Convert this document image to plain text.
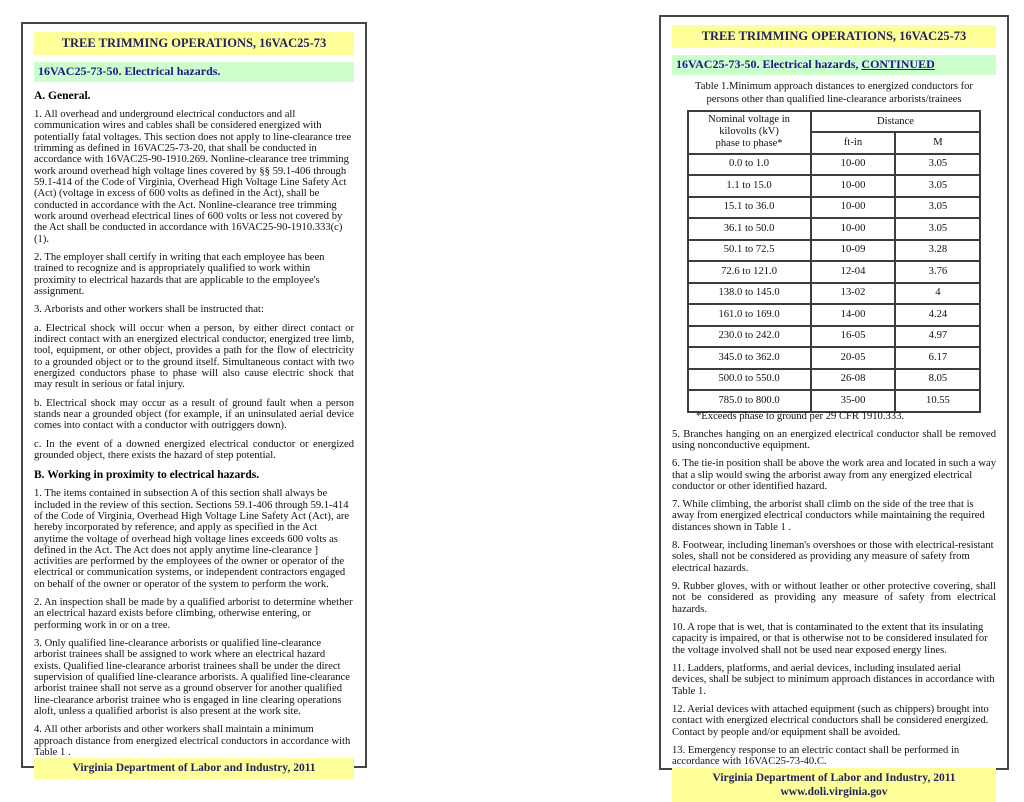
TREE TRIMMING OPERATIONS, 16VAC25-73
16VAC25-73-50. Electrical hazards.
A. General.

1. All overhead and underground electrical conductors and all communication wires and cables shall be considered energized with potentially fatal voltages. This section does not apply to line-clearance tree trimming as defined in 16VAC25-73-20, that shall be conducted in accordance with 16VAC25-90-1910.269. Nonline-clearance tree trimming work around overhead high voltage lines covered by §§ 59.1-406 through 59.1-414 of the Code of Virginia, Overhead High Voltage Line Safety Act (Act) (voltage in excess of 600 volts as defined in the Act), shall be conducted in accordance with the Act. Nonline-clearance tree trimming work around overhead electrical lines of 600 volts or less not covered by the Act shall be conducted in accordance with 16VAC25-90-1910.333(c)(1).

2. The employer shall certify in writing that each employee has been trained to recognize and is appropriately qualified to work within proximity to electrical hazards that are applicable to the employee's assignment.

3. Arborists and other workers shall be instructed that:

a. Electrical shock will occur when a person, by either direct contact or indirect contact with an energized electrical conductor, energized tree limb, tool, equipment, or other object, provides a path for the flow of electricity to a grounded object or to the ground itself. Simultaneous contact with two energized conductors phase to phase will also cause electric shock that may result in serious or fatal injury.

b. Electrical shock may occur as a result of ground fault when a person stands near a grounded object (for example, if an uninsulated aerial device comes into contact with a conductor with outriggers down).

c. In the event of a downed energized electrical conductor or energized grounded object, there exists the hazard of step potential.

B. Working in proximity to electrical hazards.

1. The items contained in subsection A of this section shall always be included in the review of this section. Sections 59.1-406 through 59.1-414 of the Code of Virginia, Overhead High Voltage Line Safety Act (Act), are hereby incorporated by reference, and apply as specified in the Act anytime the voltage of overhead high voltage lines exceeds 600 volts as defined in the Act. The Act does not apply anytime line-clearance ] activities are performed by the employees of the owner or operator of the electrical or communication systems, or independent contractors engaged on behalf of the owner or operator of the system to perform the work.

2. An inspection shall be made by a qualified arborist to determine whether an electrical hazard exists before climbing, otherwise entering, or performing work in or on a tree.

3. Only qualified line-clearance arborists or qualified line-clearance arborist trainees shall be assigned to work where an electrical hazard exists. Qualified line-clearance arborist trainees shall be under the direct supervision of qualified line-clearance arborists. A qualified line-clearance arborist trainee shall not serve as a ground observer for another qualified line-clearance arborist trainee who is engaged in line clearing operations aloft, unless a qualified arborist is also present at the work site.

4. All other arborists and other workers shall maintain a minimum approach distance from energized electrical conductors in accordance with Table 1 .

Virginia Department of Labor and Industry, 2011
TREE TRIMMING OPERATIONS, 16VAC25-73
16VAC25-73-50. Electrical hazards, CONTINUED
Table 1.Minimum approach distances to energized conductors for
persons other than qualified line-clearance arborists/trainees
Nominal voltage in
kilovolts (kV)
phase to phase*	Distance	
	ft-in	M
0.0 to 1.0	10-00	3.05
1.1 to 15.0	10-00	3.05
15.1 to 36.0	10-00	3.05
36.1 to 50.0	10-00	3.05
50.1 to 72.5	10-09	3.28
72.6 to 121.0	12-04	3.76
138.0 to 145.0	13-02	4
161.0 to 169.0	14-00	4.24
230.0 to 242.0	16-05	4.97
345.0 to 362.0	20-05	6.17
500.0 to 550.0	26-08	8.05
785.0 to 800.0	35-00	10.55
*Exceeds phase to ground per 29 CFR 1910.333.

5. Branches hanging on an energized electrical conductor shall be removed using nonconductive equipment.

6. The tie-in position shall be above the work area and located in such a way that a slip would swing the arborist away from any energized electrical conductor or other identified hazard.

7. While climbing, the arborist shall climb on the side of the tree that is away from energized electrical conductors while maintaining the required distances shown in Table 1 .

8. Footwear, including lineman's overshoes or those with electrical-resistant soles, shall not be considered as providing any measure of safety from electrical hazards.

9. Rubber gloves, with or without leather or other protective covering, shall not be considered as providing any measure of safety from electrical hazards.

10. A rope that is wet, that is contaminated to the extent that its insulating capacity is impaired, or that is otherwise not to be considered insulated for the voltage involved shall not be used near exposed energy lines.

11. Ladders, platforms, and aerial devices, including insulated aerial devices, shall be subject to minimum approach distances in accordance with Table 1.

12. Aerial devices with attached equipment (such as chippers) brought into contact with energized electrical conductors shall be considered energized. Contact by people and/or equipment shall be avoided.

13. Emergency response to an electric contact shall be performed in accordance with 16VAC25-73-40.C.

Virginia Department of Labor and Industry, 2011
www.doli.virginia.gov
